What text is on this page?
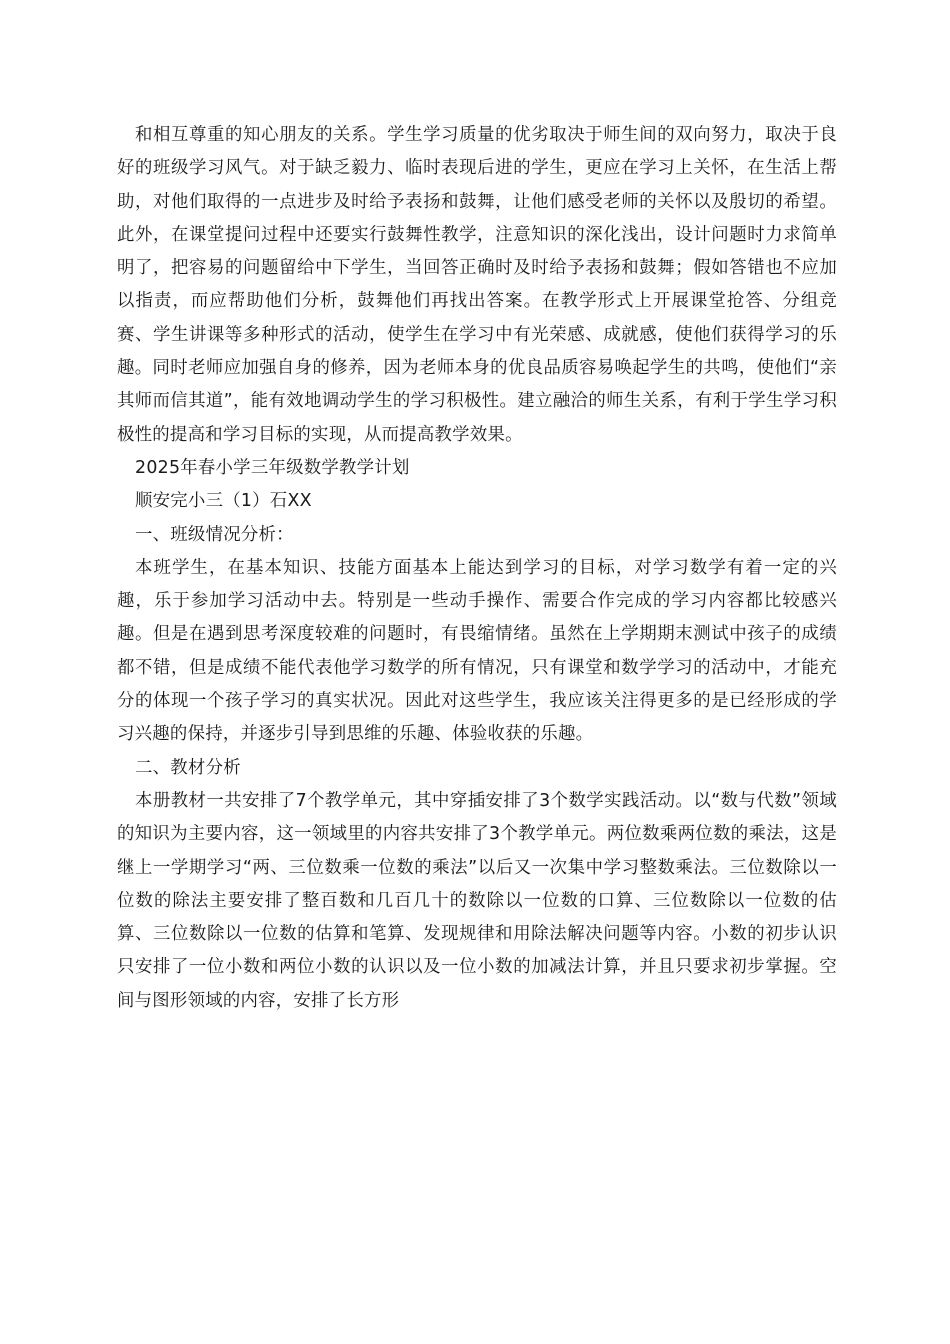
和相互尊重的知心朋友的关系。学生学习质量的优劣取决于师生间的双向努力，取决于良好的班级学习风气。对于缺乏毅力、临时表现后进的学生，更应在学习上关怀，在生活上帮助，对他们取得的一点进步及时给予表扬和鼓舞，让他们感受老师的关怀以及殷切的希望。此外，在课堂提问过程中还要实行鼓舞性教学，注意知识的深化浅出，设计问题时力求简单明了，把容易的问题留给中下学生，当回答正确时及时给予表扬和鼓舞；假如答错也不应加以指责，而应帮助他们分析，鼓舞他们再找出答案。在教学形式上开展课堂抢答、分组竞赛、学生讲课等多种形式的活动，使学生在学习中有光荣感、成就感，使他们获得学习的乐趣。同时老师应加强自身的修养，因为老师本身的优良品质容易唤起学生的共鸣，使他们“亲其师而信其道”，能有效地调动学生的学习积极性。建立融洽的师生关系，有利于学生学习积极性的提高和学习目标的实现，从而提高教学效果。

2025年春小学三年级数学教学计划

顺安完小三（1）石XX

一、班级情况分析：

本班学生，在基本知识、技能方面基本上能达到学习的目标，对学习数学有着一定的兴趣，乐于参加学习活动中去。特别是一些动手操作、需要合作完成的学习内容都比较感兴趣。但是在遇到思考深度较难的问题时，有畏缩情绪。虽然在上学期期末测试中孩子的成绩都不错，但是成绩不能代表他学习数学的所有情况，只有课堂和数学学习的活动中，才能充分的体现一个孩子学习的真实状况。因此对这些学生，我应该关注得更多的是已经形成的学习兴趣的保持，并逐步引导到思维的乐趣、体验收获的乐趣。

二、教材分析

本册教材一共安排了7个教学单元，其中穿插安排了3个数学实践活动。以“数与代数”领域的知识为主要内容，这一领域里的内容共安排了3个教学单元。两位数乘两位数的乘法，这是继上一学期学习“两、三位数乘一位数的乘法”以后又一次集中学习整数乘法。三位数除以一位数的除法主要安排了整百数和几百几十的数除以一位数的口算、三位数除以一位数的估算、三位数除以一位数的估算和笔算、发现规律和用除法解决问题等内容。小数的初步认识只安排了一位小数和两位小数的认识以及一位小数的加减法计算，并且只要求初步掌握。空间与图形领域的内容，安排了长方形
